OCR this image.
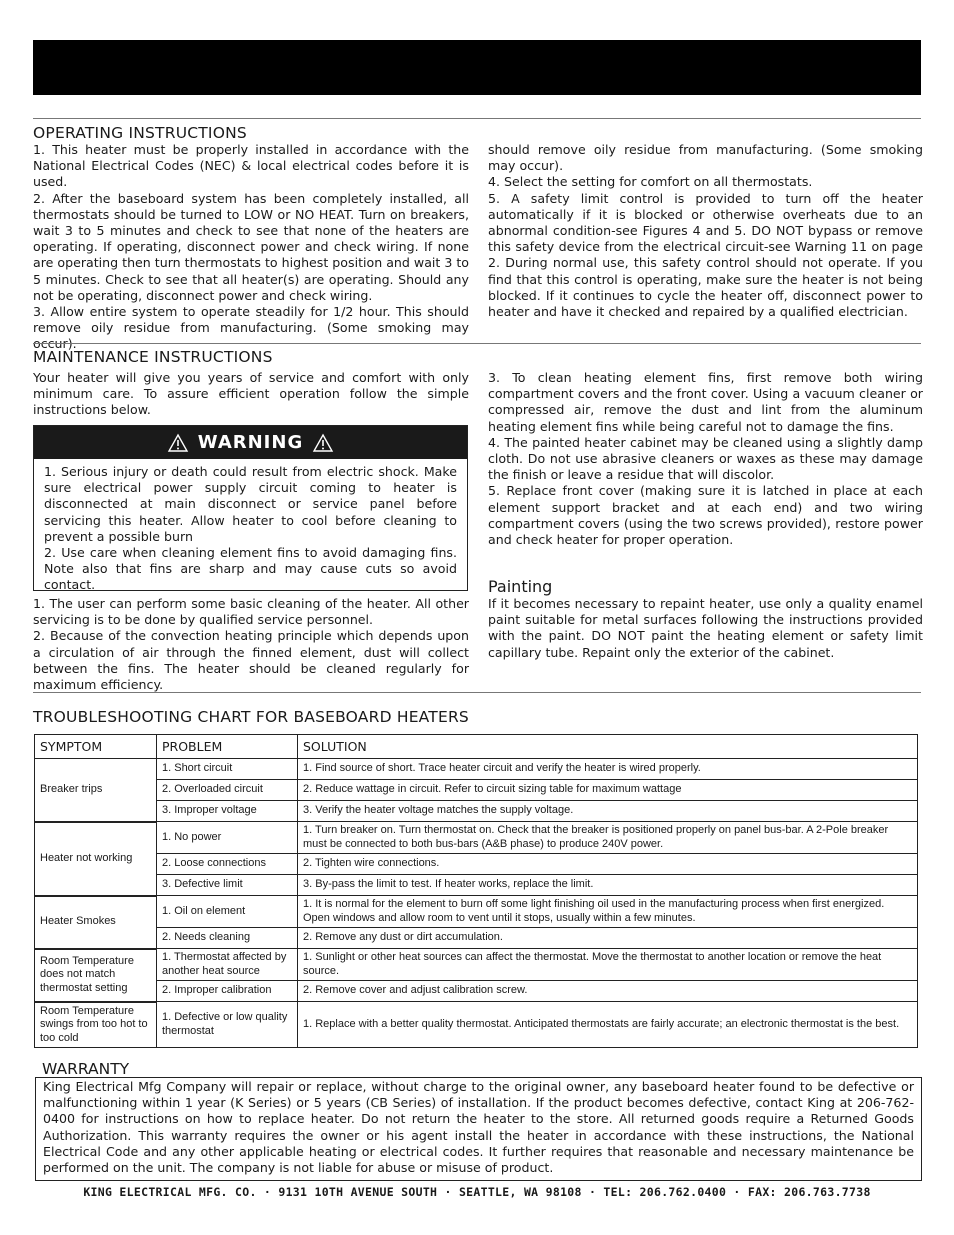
OPERATING INSTRUCTIONS

1. This heater must be properly installed in accordance with the National Electrical Codes (NEC) & local electrical codes before it is used.

2. After the baseboard system has been completely installed, all thermostats should be turned to LOW or NO HEAT. Turn on breakers, wait 3 to 5 minutes and check to see that none of the heaters are operating. If operating, disconnect power and check wiring. If none are operating then turn thermostats to highest position and wait 3 to 5 minutes. Check to see that all heater(s) are operating. Should any not be operating, disconnect power and check wiring.

3. Allow entire system to operate steadily for 1/2 hour. This should remove oily residue from manufacturing. (Some smoking may occur).

should remove oily residue from manufacturing. (Some smoking may occur).

4. Select the setting for comfort on all thermostats.

5. A safety limit control is provided to turn off the heater automatically if it is blocked or otherwise overheats due to an abnormal condition-see Figures 4 and 5. DO NOT bypass or remove this safety device from the electrical circuit-see Warning 11 on page 2. During normal use, this safety control should not operate. If you find that this control is operating, make sure the heater is not being blocked. If it continues to cycle the heater off, disconnect power to heater and have it checked and repaired by a qualified electrician.

MAINTENANCE INSTRUCTIONS

Your heater will give you years of service and comfort with only minimum care. To assure efficient operation follow the simple instructions below.

WARNING

1. Serious injury or death could result from electric shock. Make sure electrical power supply circuit coming to heater is disconnected at main disconnect or service panel before servicing this heater. Allow heater to cool before cleaning to prevent a possible burn

2. Use care when cleaning element fins to avoid damaging fins. Note also that fins are sharp and may cause cuts so avoid contact.

1. The user can perform some basic cleaning of the heater. All other servicing is to be done by qualified service personnel.

2. Because of the convection heating principle which depends upon a circulation of air through the finned element, dust will collect between the fins. The heater should be cleaned regularly for maximum efficiency.

3. To clean heating element fins, first remove both wiring compartment covers and the front cover. Using a vacuum cleaner or compressed air, remove the dust and lint from the aluminum heating element fins while being careful not to damage the fins.

4. The painted heater cabinet may be cleaned using a slightly damp cloth. Do not use abrasive cleaners or waxes as these may damage the finish or leave a residue that will discolor.

5. Replace front cover (making sure it is latched in place at each element support bracket and at each end) and two wiring compartment covers (using the two screws provided), restore power and check heater for proper operation.

Painting

If it becomes necessary to repaint heater, use only a quality enamel paint suitable for metal surfaces following the instructions provided with the paint. DO NOT paint the heating element or safety limit capillary tube. Repaint only the exterior of the cabinet.

TROUBLESHOOTING CHART FOR BASEBOARD HEATERS
SYMPTOM	PROBLEM	SOLUTION
Breaker trips	1. Short circuit	1. Find source of short. Trace heater circuit and verify the heater is wired properly.
	2. Overloaded circuit	2. Reduce wattage in circuit. Refer to circuit sizing table for maximum wattage
	3. Improper voltage	3. Verify the heater voltage matches the supply voltage.
Heater not working	1. No power	1. Turn breaker on. Turn thermostat on. Check that the breaker is positioned properly on panel bus-bar. A 2-Pole breaker must be connected to both bus-bars (A&B phase) to produce 240V power.
	2. Loose connections	2. Tighten wire connections.
	3. Defective limit	3. By-pass the limit to test. If heater works, replace the limit.
Heater Smokes	1. Oil on element	1. It is normal for the element to burn off some light finishing oil used in the manufacturing process when first energized. Open windows and allow room to vent until it stops, usually within a few minutes.
	2. Needs cleaning	2. Remove any dust or dirt accumulation.
Room Temperature does not match thermostat setting	1. Thermostat affected by another heat source	1. Sunlight or other heat sources can affect the thermostat. Move the thermostat to another location or remove the heat source.
	2. Improper calibration	2. Remove cover and adjust calibration screw.
Room Temperature swings from too hot to too cold	1. Defective or low quality thermostat	1. Replace with a better quality thermostat. Anticipated thermostats are fairly accurate; an electronic thermostat is the best.
WARRANTY
King Electrical Mfg Company will repair or replace, without charge to the original owner, any baseboard heater found to be defective or malfunctioning within 1 year (K Series) or 5 years (CB Series) of installation. If the product becomes defective, contact King at 206-762-0400 for instructions on how to replace heater. Do not return the heater to the store. All returned goods require a Returned Goods Authorization. This warranty requires the owner or his agent install the heater in accordance with these instructions, the National Electrical Code and any other applicable heating or electrical codes. It further requires that reasonable and necessary maintenance be performed on the unit. The company is not liable for abuse or misuse of product.
KING ELECTRICAL MFG. CO. · 9131 10TH AVENUE SOUTH · SEATTLE, WA 98108 · TEL: 206.762.0400 · FAX: 206.763.7738
